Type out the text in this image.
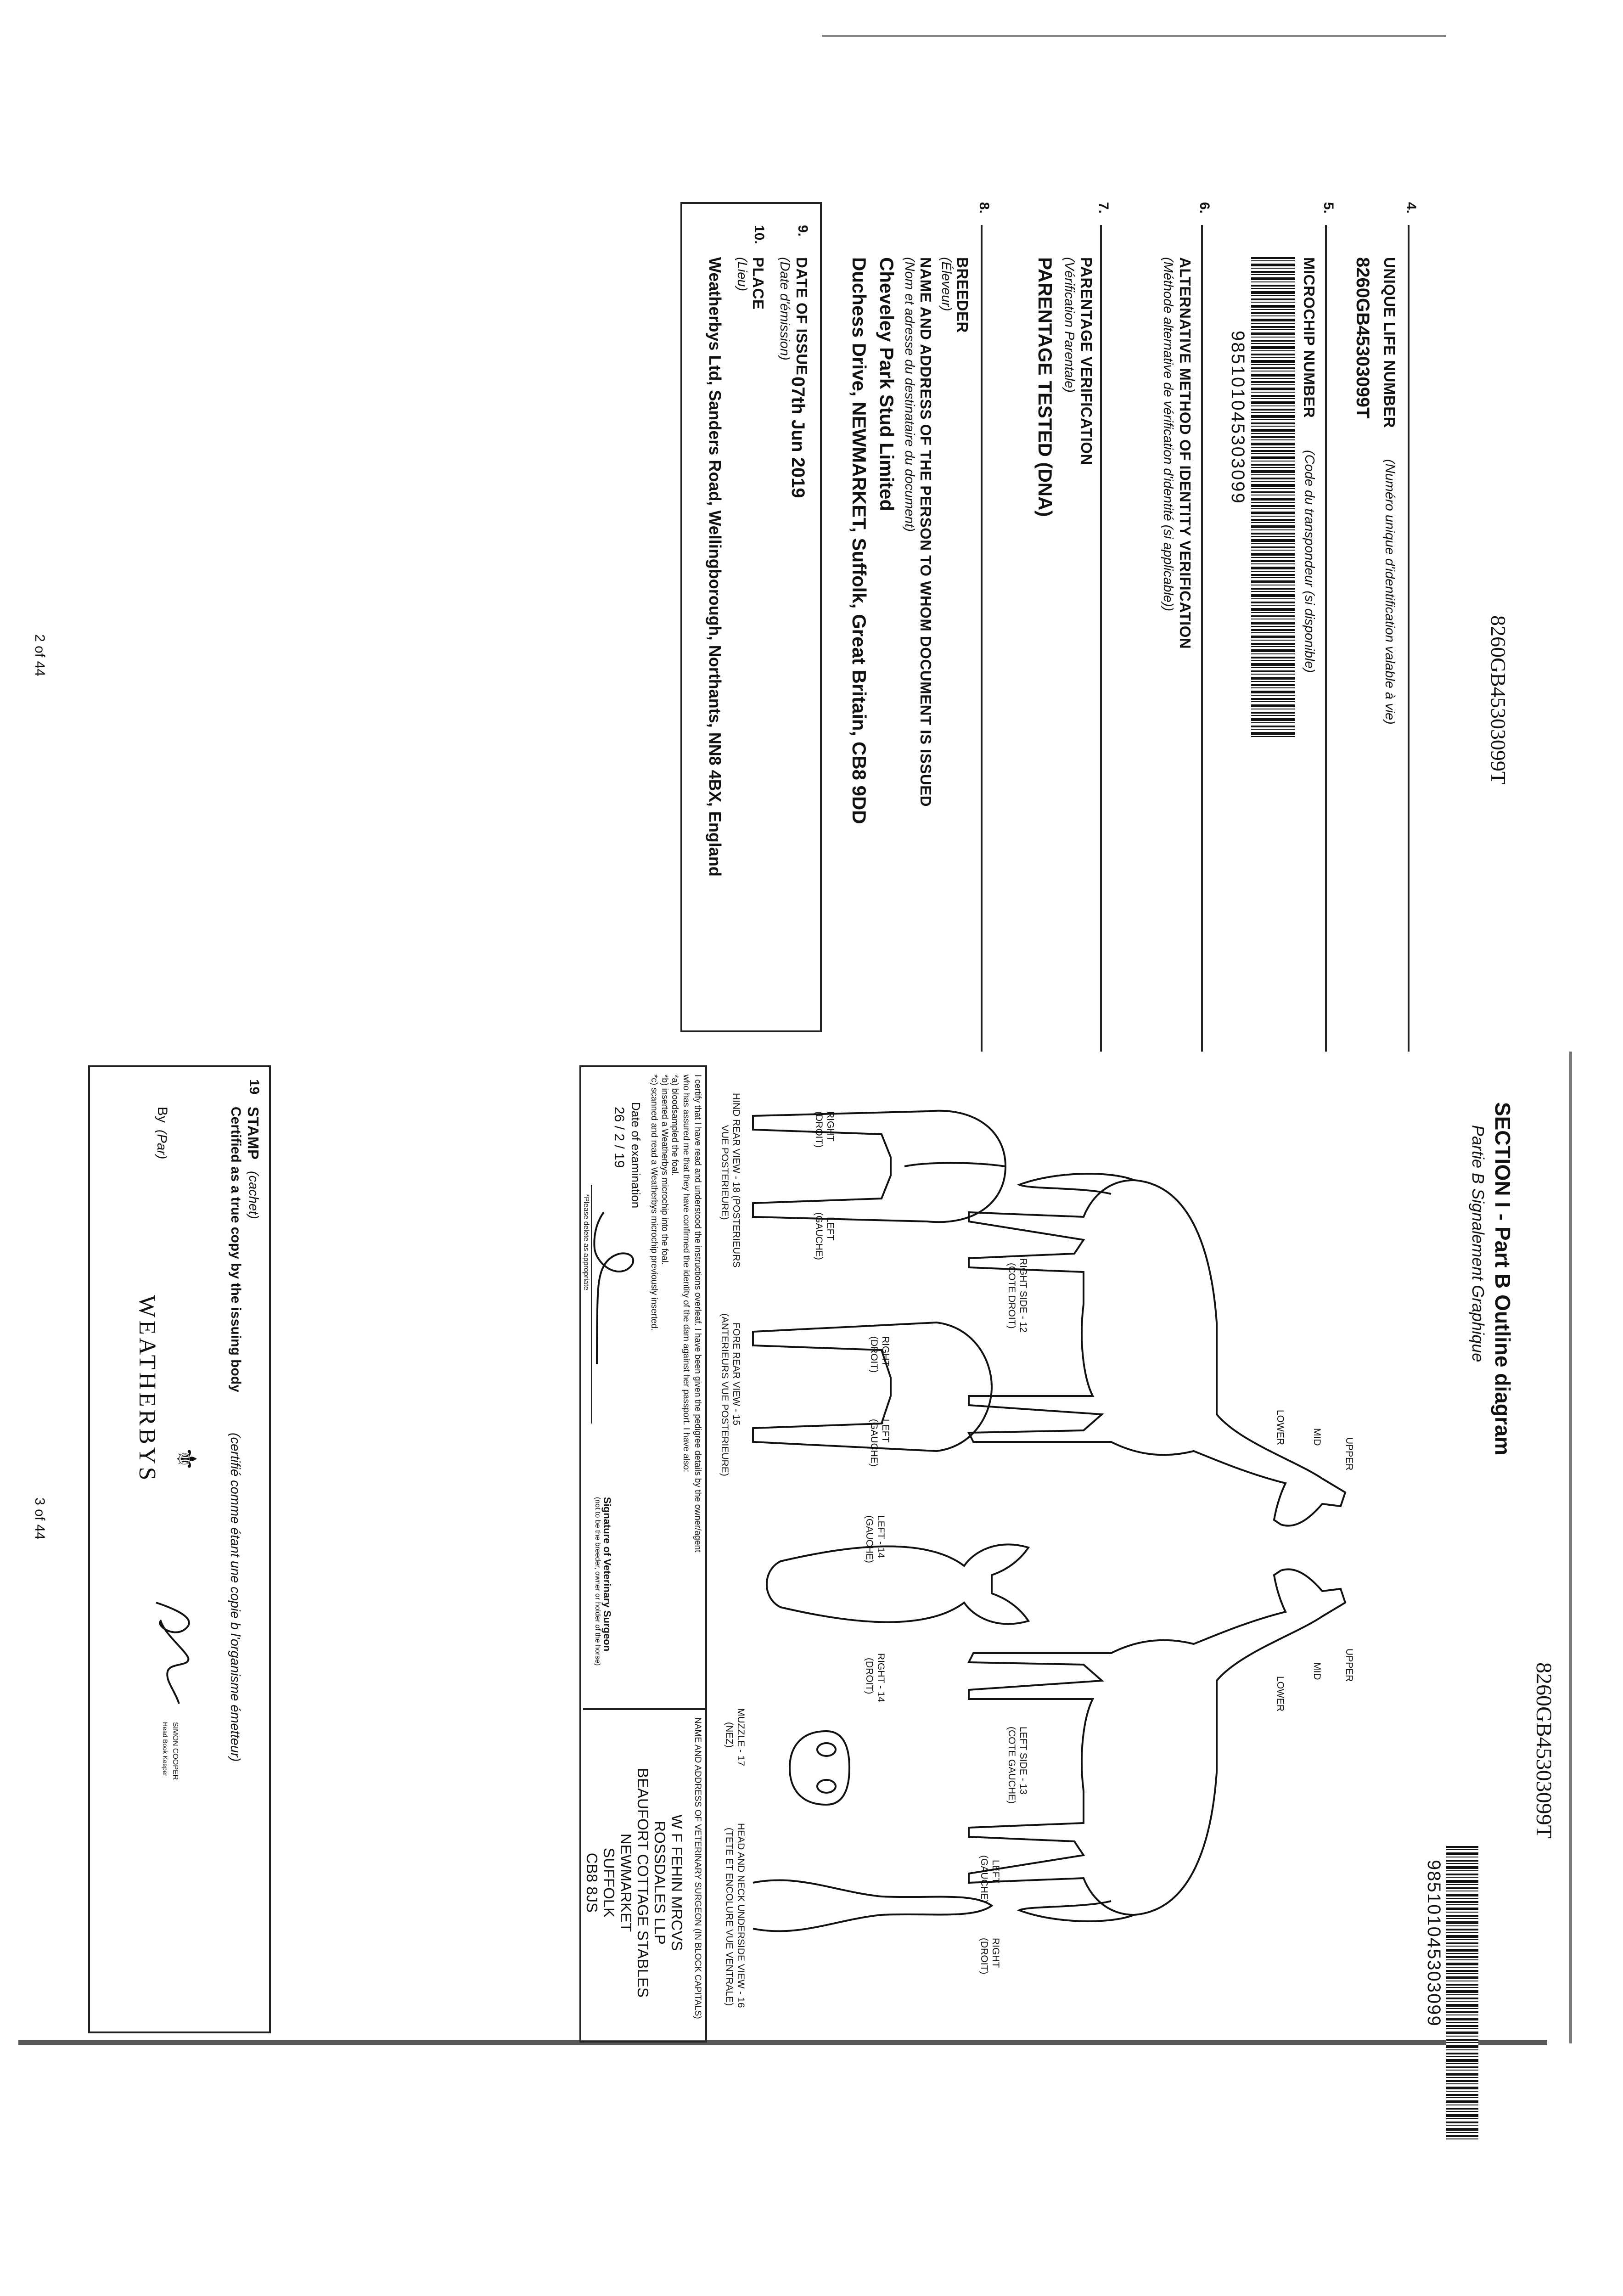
2 of 44
3 of 44
8260GB45303099T
4.
UNIQUE LIFE NUMBER
(Numéro unique d'identification valable à vie)
8260GB45303099T
5.
MICROCHIP NUMBER
(Code du transpondeur (si disponible)
985101045303099
6.
ALTERNATIVE METHOD OF IDENTITY VERIFICATION
(Méthode alternative de vérification d'identité (si applicable))
7.
PARENTAGE VERIFICATION
(Vérification Parentale)
PARENTAGE TESTED (DNA)
8.
BREEDER
(Éleveur)
NAME AND ADDRESS OF THE PERSON TO WHOM DOCUMENT IS ISSUED
(Nom et adresse du destinataire du document)
Cheveley Park Stud Limited
Duchess Drive, NEWMARKET, Suffolk, Great Britain, CB8 9DD
9.
DATE OF ISSUE
(Date d'émission)
07th Jun 2019
10.
PLACE
(Lieu)
Weatherbys Ltd, Sanders Road, Wellingborough, Northants, NN8 4BX, England
8260GB45303099T
SECTION I - Part B Outline diagram
Partie B Signalement Graphique
985101045303099
UPPER
MID
LOWER
UPPER
MID
LOWER
RIGHT SIDE - 12
(COTE DROIT)
LEFT SIDE - 13
(COTE GAUCHE)
LEFT
(GAUCHE)
RIGHT
(DROIT)
RIGHT
(DROIT)
LEFT
(GAUCHE)
LEFT - 14
(GAUCHE)
RIGHT - 14
(DROIT)
LEFT
(GAUCHE)
RIGHT
(DROIT)
HIND REAR VIEW - 18 (POSTERIEURS
VUE POSTERIEURE)
FORE REAR VIEW - 15
(ANTERIEURS VUE POSTERIEURE)
MUZZLE - 17
(NEZ)
HEAD AND NECK UNDERSIDE VIEW - 16
(TETE ET ENCOLURE VUE VENTRALE)
I certify that I have read and understood the instructions overleaf. I have been given the pedigree details by the owner/agent
who has assured me that they have confirmed the identity of the dam against her passport. I have also:
*a) bloodsampled the foal.
*b) inserted a Weatherbys microchip into the foal.
*c) scanned and read a Weatherbys microchip previously inserted.
Date of examination
26 / 2 / 19
Signature of Veterinary Surgeon
(not to be the breeder, owner or holder of the horse)
*Please delete as appropriate
NAME AND ADDRESS OF VETERINARY SURGEON (IN BLOCK CAPITALS)
W F FEHIN MRCVS
ROSSDALES LLP
BEAUFORT COTTAGE STABLES
NEWMARKET
SUFFOLK
CB8 8JS
19
STAMP
(cachet)
Certified as a true copy by the issuing body
(certifié comme étant une copie b l'organisme émetteur)
By
(Par)
WEATHERBYS ⚜
SIMON COOPER
Head Book Keeper
